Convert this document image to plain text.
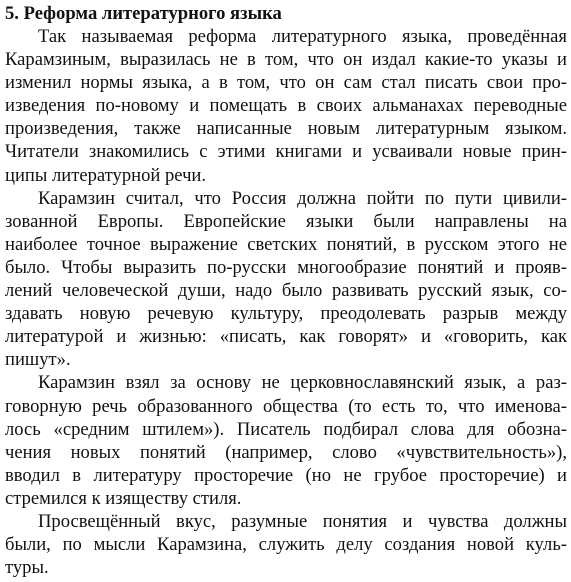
5. Реформа литературного языка
Так называемая реформа литературного языка, проведённая
Карамзиным, выразилась не в том, что он издал какие-то указы и
изменил нормы языка, а в том, что он сам стал писать свои про-
изведения по-новому и помещать в своих альманахах переводные
произведения, также написанные новым литературным языком.
Читатели знакомились с этими книгами и усваивали новые прин-
ципы литературной речи.
Карамзин считал, что Россия должна пойти по пути цивили-
зованной Европы. Европейские языки были направлены на
наиболее точное выражение светских понятий, в русском этого не
было. Чтобы выразить по-русски многообразие понятий и прояв-
лений человеческой души, надо было развивать русский язык, со-
здавать новую речевую культуру, преодолевать разрыв между
литературой и жизнью: «писать, как говорят» и «говорить, как
пишут».
Карамзин взял за основу не церковнославянский язык, а раз-
говорную речь образованного общества (то есть то, что именова-
лось «средним штилем»). Писатель подбирал слова для обозна-
чения новых понятий (например, слово «чувствительность»),
вводил в литературу просторечие (но не грубое просторечие) и
стремился к изяществу стиля.
Просвещённый вкус, разумные понятия и чувства должны
были, по мысли Карамзина, служить делу создания новой куль-
туры.
